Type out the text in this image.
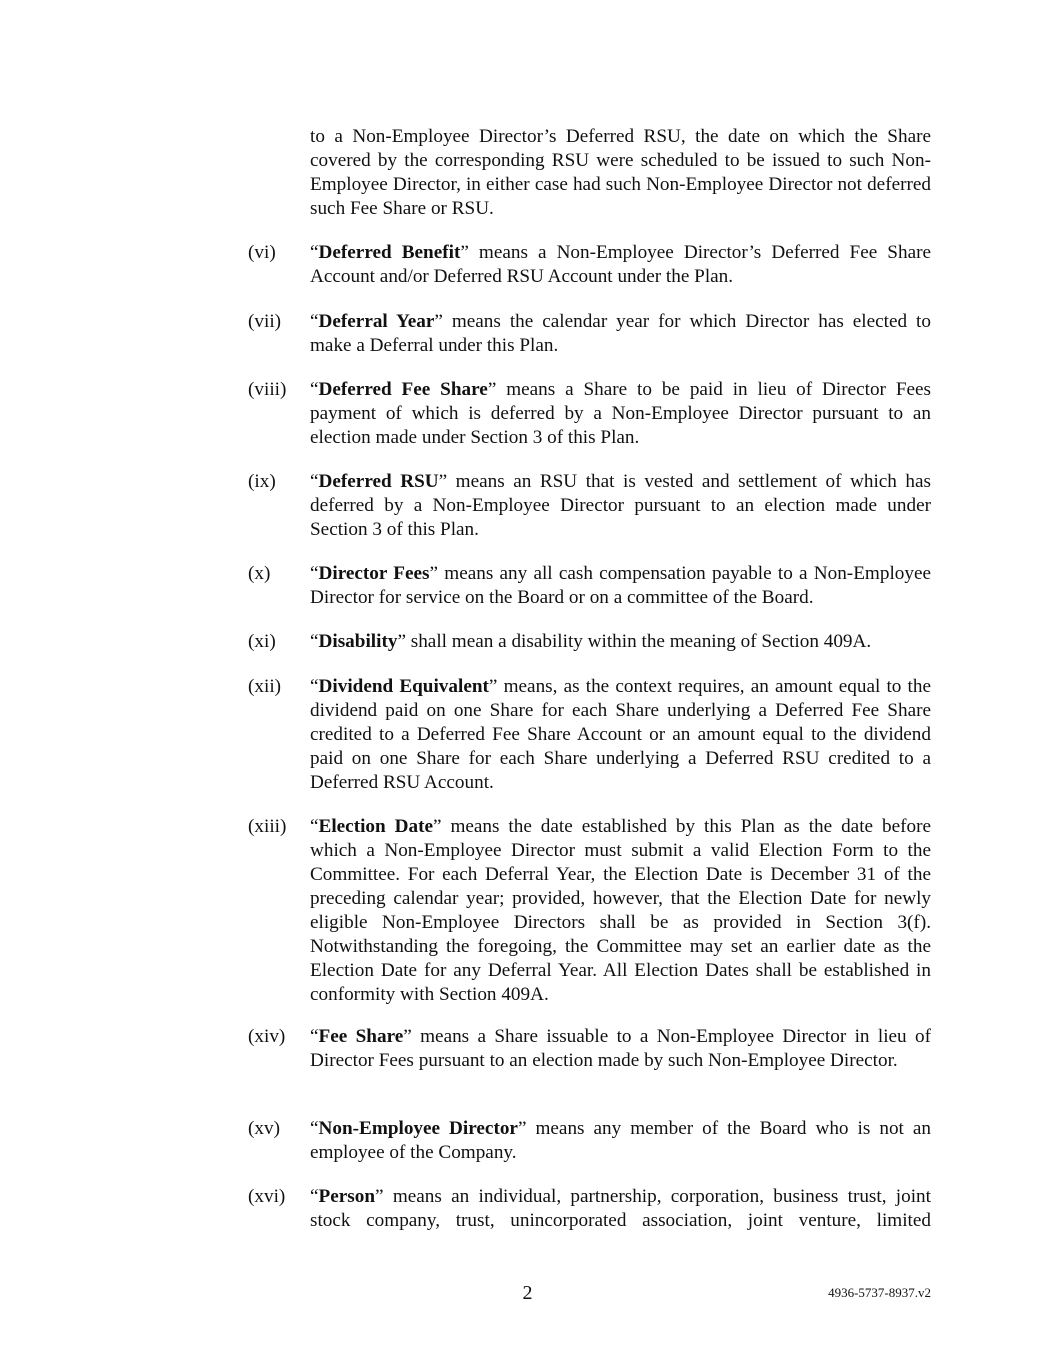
to a Non-Employee Director’s Deferred RSU, the date on which the Share covered by the corresponding RSU were scheduled to be issued to such Non-Employee Director, in either case had such Non-Employee Director not deferred such Fee Share or RSU.
(vi) “Deferred Benefit” means a Non-Employee Director’s Deferred Fee Share Account and/or Deferred RSU Account under the Plan.
(vii) “Deferral Year” means the calendar year for which Director has elected to make a Deferral under this Plan.
(viii) “Deferred Fee Share” means a Share to be paid in lieu of Director Fees payment of which is deferred by a Non-Employee Director pursuant to an election made under Section 3 of this Plan.
(ix) “Deferred RSU” means an RSU that is vested and settlement of which has deferred by a Non-Employee Director pursuant to an election made under Section 3 of this Plan.
(x) “Director Fees” means any all cash compensation payable to a Non-Employee Director for service on the Board or on a committee of the Board.
(xi) “Disability” shall mean a disability within the meaning of Section 409A.
(xii) “Dividend Equivalent” means, as the context requires, an amount equal to the dividend paid on one Share for each Share underlying a Deferred Fee Share credited to a Deferred Fee Share Account or an amount equal to the dividend paid on one Share for each Share underlying a Deferred RSU credited to a Deferred RSU Account.
(xiii) “Election Date” means the date established by this Plan as the date before which a Non-Employee Director must submit a valid Election Form to the Committee. For each Deferral Year, the Election Date is December 31 of the preceding calendar year; provided, however, that the Election Date for newly eligible Non-Employee Directors shall be as provided in Section 3(f). Notwithstanding the foregoing, the Committee may set an earlier date as the Election Date for any Deferral Year. All Election Dates shall be established in conformity with Section 409A.
(xiv) “Fee Share” means a Share issuable to a Non-Employee Director in lieu of Director Fees pursuant to an election made by such Non-Employee Director.
(xv) “Non-Employee Director” means any member of the Board who is not an employee of the Company.
(xvi) “Person” means an individual, partnership, corporation, business trust, joint stock company, trust, unincorporated association, joint venture, limited
2	4936-5737-8937.v2
